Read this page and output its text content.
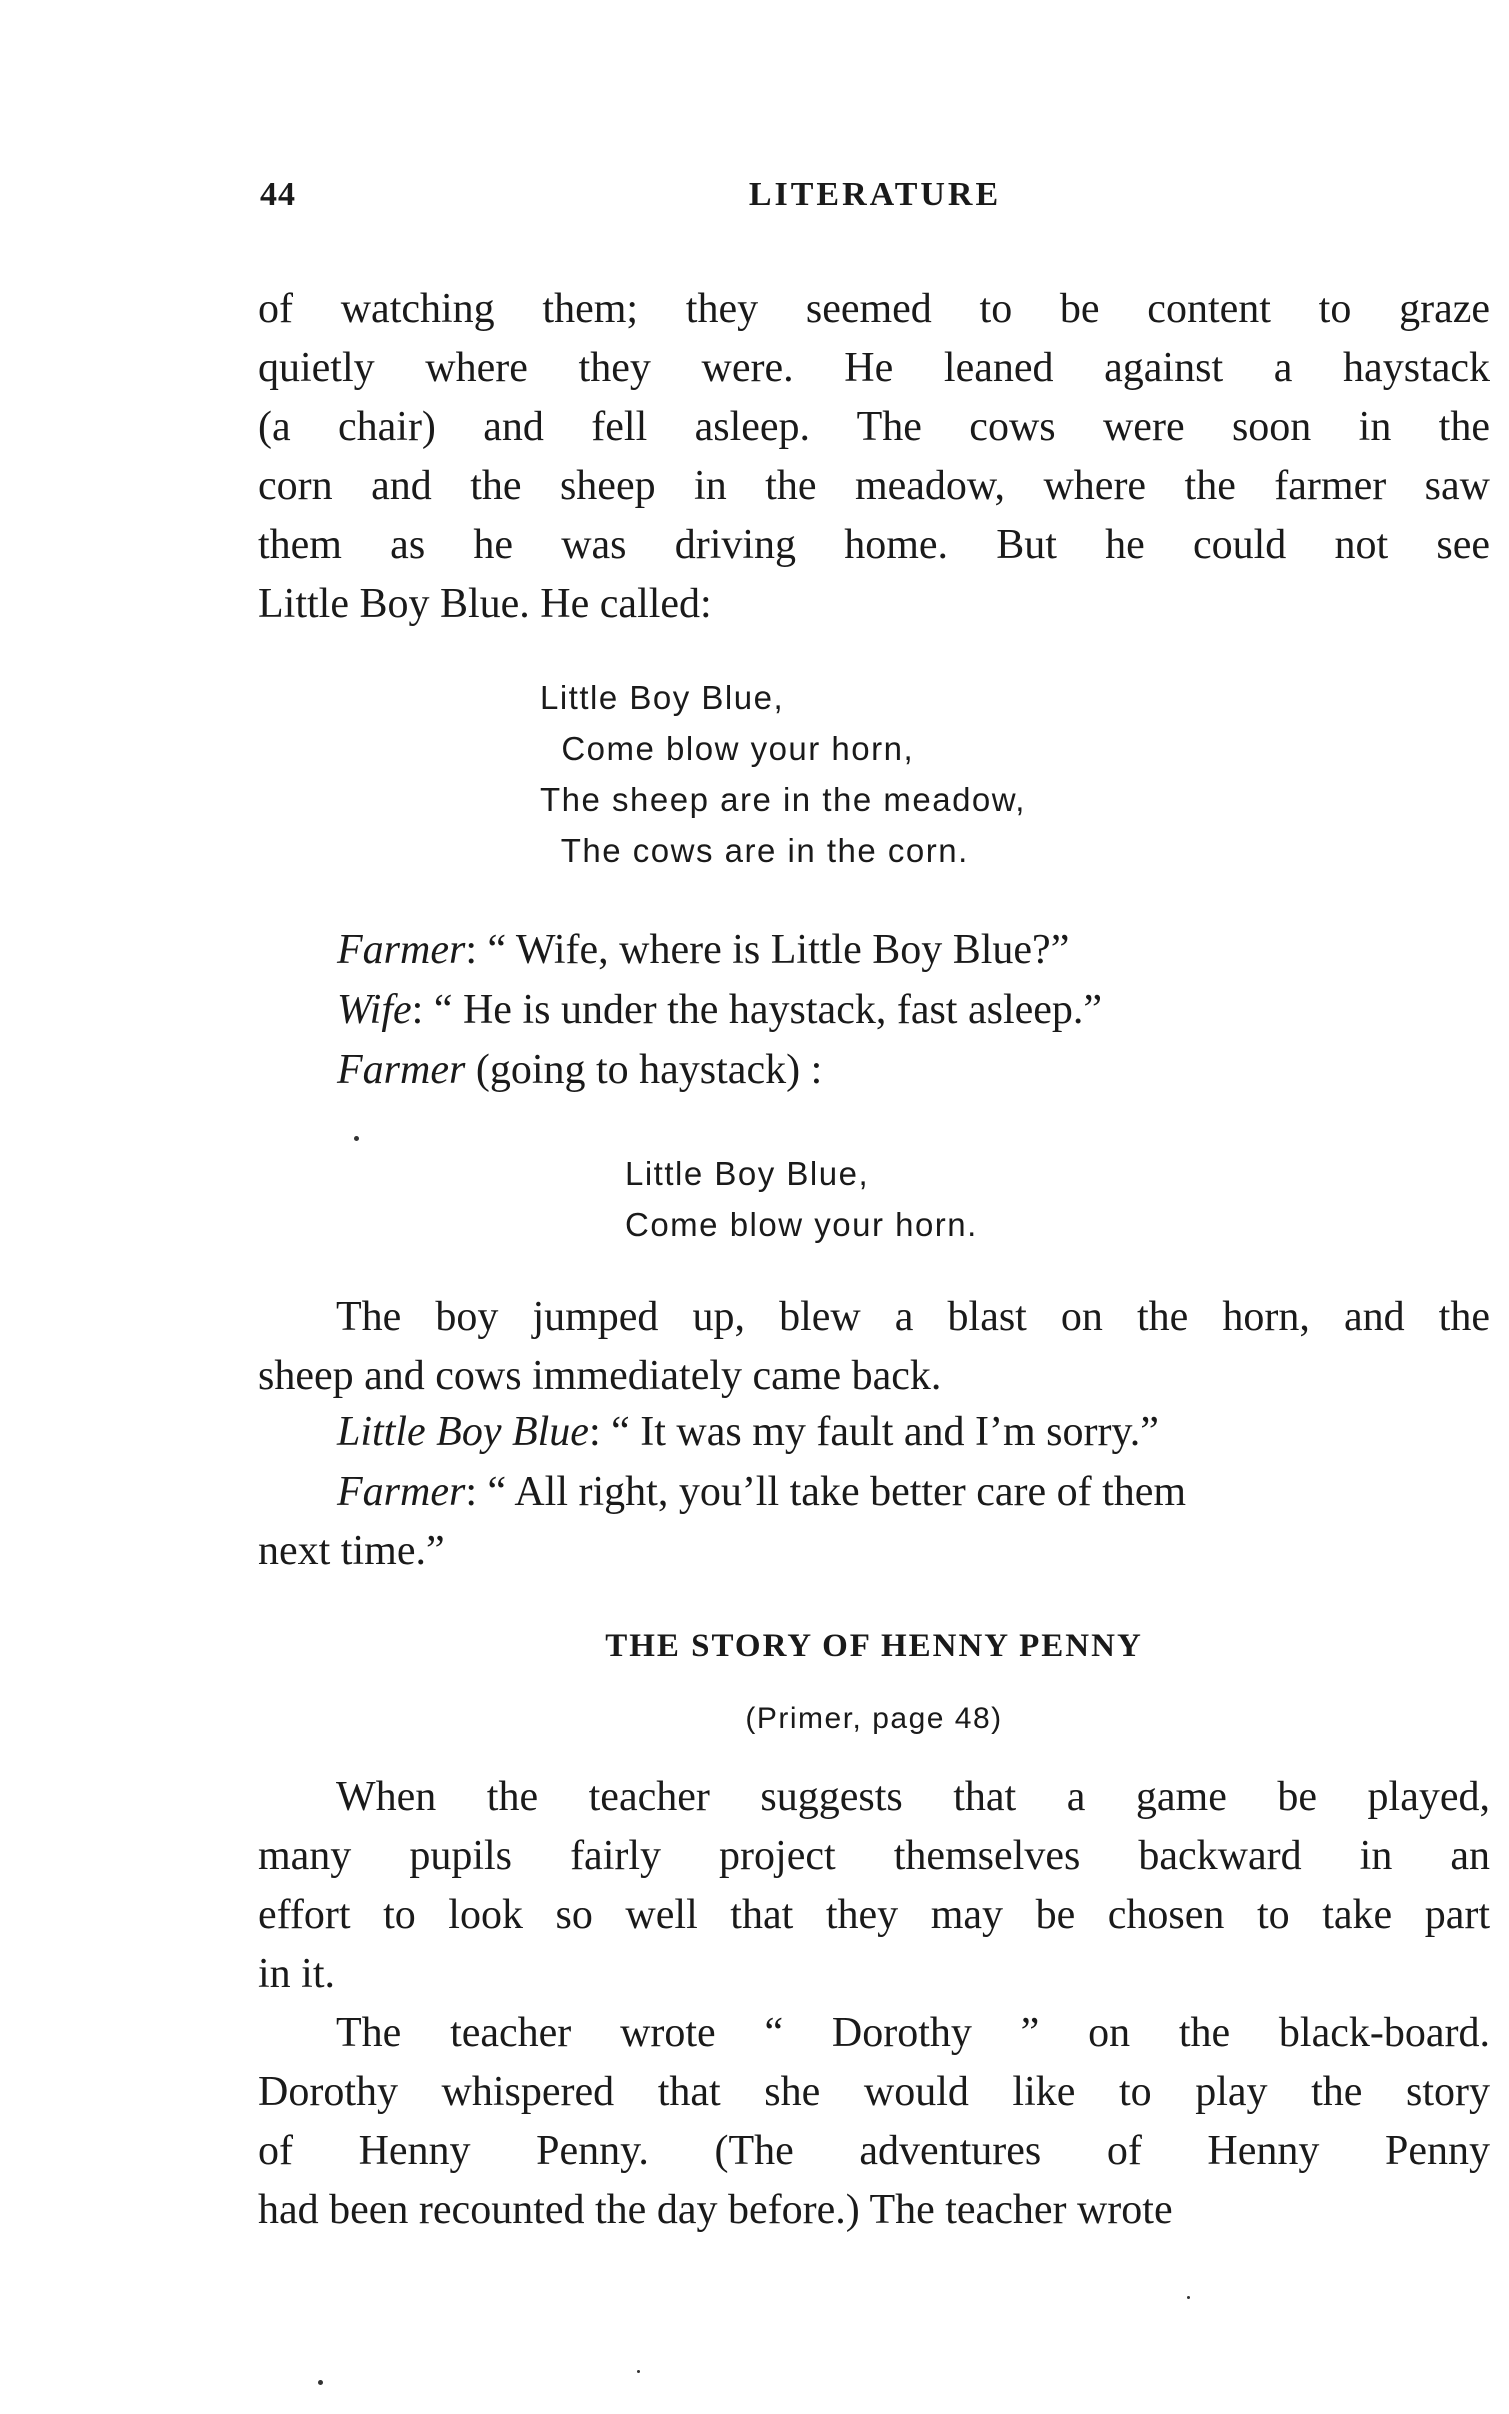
44	LITERATURE
of watching them; they seemed to be content to graze
quietly where they were. He leaned against a haystack
(a chair) and fell asleep. The cows were soon in the
corn and the sheep in the meadow, where the farmer saw
them as he was driving home. But he could not see
Little Boy Blue. He called:
Little Boy Blue,
Come blow your horn,
The sheep are in the meadow,
The cows are in the corn.
Farmer: “ Wife, where is Little Boy Blue?”
Wife: “ He is under the haystack, fast asleep.”
Farmer (going to haystack) :
Little Boy Blue,
Come blow your horn.
The boy jumped up, blew a blast on the horn, and the
sheep and cows immediately came back.
Little Boy Blue: “ It was my fault and I’m sorry.”
Farmer: “ All right, you’ll take better care of them
next time.”
THE STORY OF HENNY PENNY
(Primer, page 48)
When the teacher suggests that a game be played,
many pupils fairly project themselves backward in an
effort to look so well that they may be chosen to take part
in it.
The teacher wrote “ Dorothy ” on the black-board.
Dorothy whispered that she would like to play the story
of Henny Penny. (The adventures of Henny Penny
had been recounted the day before.) The teacher wrote
